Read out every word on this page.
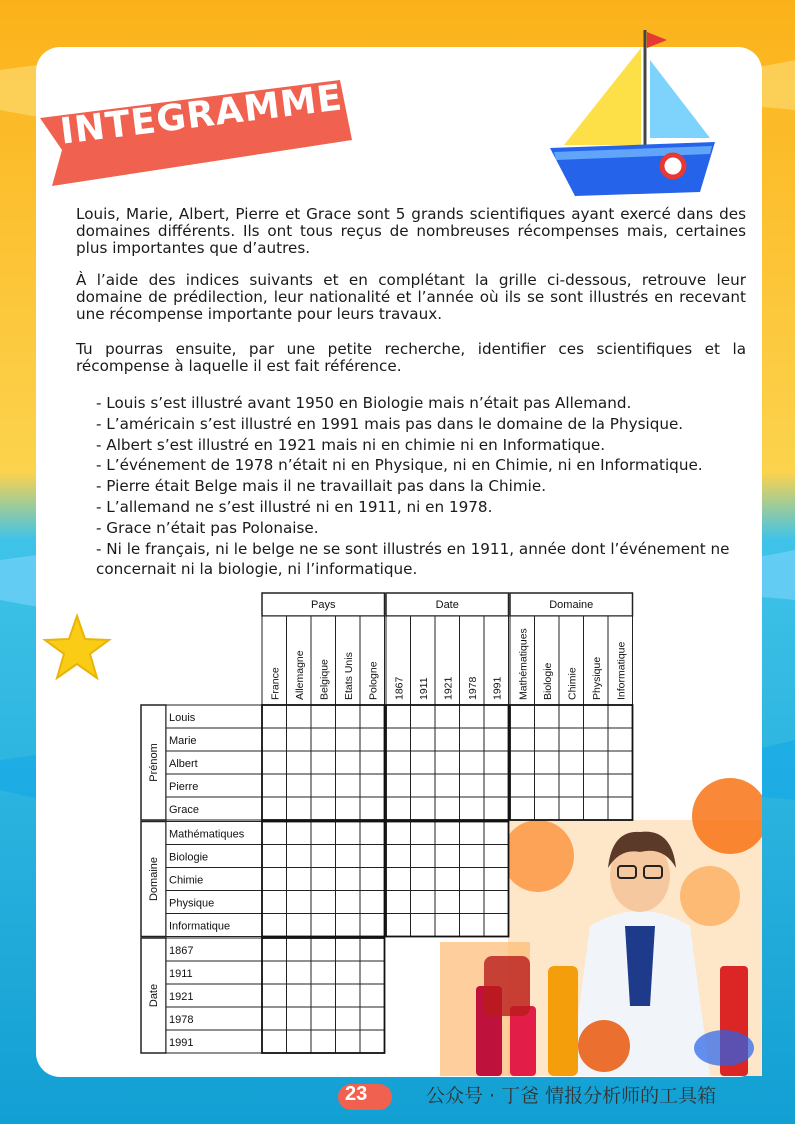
INTÉGRAMME
Louis, Marie, Albert, Pierre et Grace sont 5 grands scientifiques ayant exercé dans des domaines différents. Ils ont tous reçus de nombreuses récompenses mais, certaines plus importantes que d’autres.
À l’aide des indices suivants et en complétant la grille ci-dessous, retrouve leur domaine de prédilection, leur nationalité et l’année où ils se sont illustrés en recevant une récompense importante pour leurs travaux.
Tu pourras ensuite, par une petite recherche, identifier ces scientifiques et la récompense à laquelle il est fait référence.
- Louis s’est illustré avant 1950 en Biologie mais n’était pas Allemand.
- L’américain s’est illustré en 1991 mais pas dans le domaine de la Physique.
- Albert s’est illustré en 1921 mais ni en chimie ni en Informatique.
- L’événement de 1978 n’était ni en Physique, ni en Chimie, ni en Informatique.
- Pierre était Belge mais il ne travaillait pas dans la Chimie.
- L’allemand ne s’est illustré ni en 1911, ni en 1978.
- Grace n’était pas Polonaise.
- Ni le français, ni le belge ne se sont illustrés en 1911, année dont l’événement ne concernait ni la biologie, ni l’informatique.
Pays
France Allemagne Belgique Etats Unis Pologne
Date
1867 1911 1921 1978 1991
Domaine
Mathématiques Biologie Chimie Physique Informatique
Prénom
Louis
Marie
Albert
Pierre
Grace
Domaine
Mathématiques
Biologie
Chimie
Physique
Informatique
Date
1867
1911
1921
1978
1991
23	公众号 · 丁爸 情报分析师的工具箱
